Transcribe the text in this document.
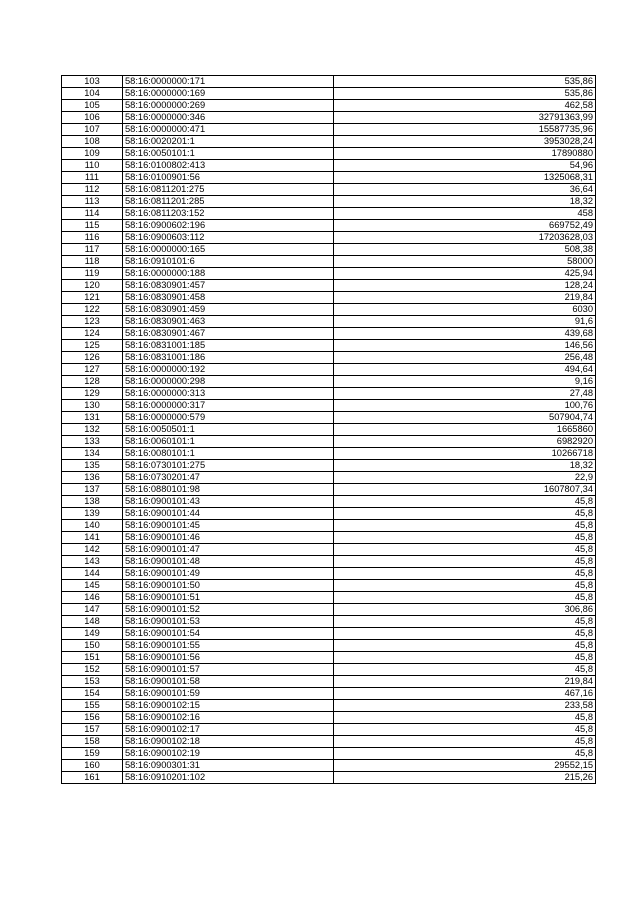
103	58:16:0000000:171	535,86
104	58:16:0000000:169	535,86
105	58:16:0000000:269	462,58
106	58:16:0000000:346	32791363,99
107	58:16:0000000:471	15587735,96
108	58:16:0020201:1	3953028,24
109	58:16:0050101:1	17890880
110	58:16:0100802:413	54,96
111	58:16:0100901:56	1325068,31
112	58:16:0811201:275	36,64
113	58:16:0811201:285	18,32
114	58:16:0811203:152	458
115	58:16:0900602:196	669752,49
116	58:16:0900603:112	17203628,03
117	58:16:0000000:165	508,38
118	58:16:0910101:6	58000
119	58:16:0000000:188	425,94
120	58:16:0830901:457	128,24
121	58:16:0830901:458	219,84
122	58:16:0830901:459	6030
123	58:16:0830901:463	91,6
124	58:16:0830901:467	439,68
125	58:16:0831001:185	146,56
126	58:16:0831001:186	256,48
127	58:16:0000000:192	494,64
128	58:16:0000000:298	9,16
129	58:16:0000000:313	27,48
130	58:16:0000000:317	100,76
131	58:16:0000000:579	507904,74
132	58:16:0050501:1	1665860
133	58:16:0060101:1	6982920
134	58:16:0080101:1	10266718
135	58:16:0730101:275	18,32
136	58:16:0730201:47	22,9
137	58:16:0880101:98	1607807,34
138	58:16:0900101:43	45,8
139	58:16:0900101:44	45,8
140	58:16:0900101:45	45,8
141	58:16:0900101:46	45,8
142	58:16:0900101:47	45,8
143	58:16:0900101:48	45,8
144	58:16:0900101:49	45,8
145	58:16:0900101:50	45,8
146	58:16:0900101:51	45,8
147	58:16:0900101:52	306,86
148	58:16:0900101:53	45,8
149	58:16:0900101:54	45,8
150	58:16:0900101:55	45,8
151	58:16:0900101:56	45,8
152	58:16:0900101:57	45,8
153	58:16:0900101:58	219,84
154	58:16:0900101:59	467,16
155	58:16:0900102:15	233,58
156	58:16:0900102:16	45,8
157	58:16:0900102:17	45,8
158	58:16:0900102:18	45,8
159	58:16:0900102:19	45,8
160	58:16:0900301:31	29552,15
161	58:16:0910201:102	215,26
